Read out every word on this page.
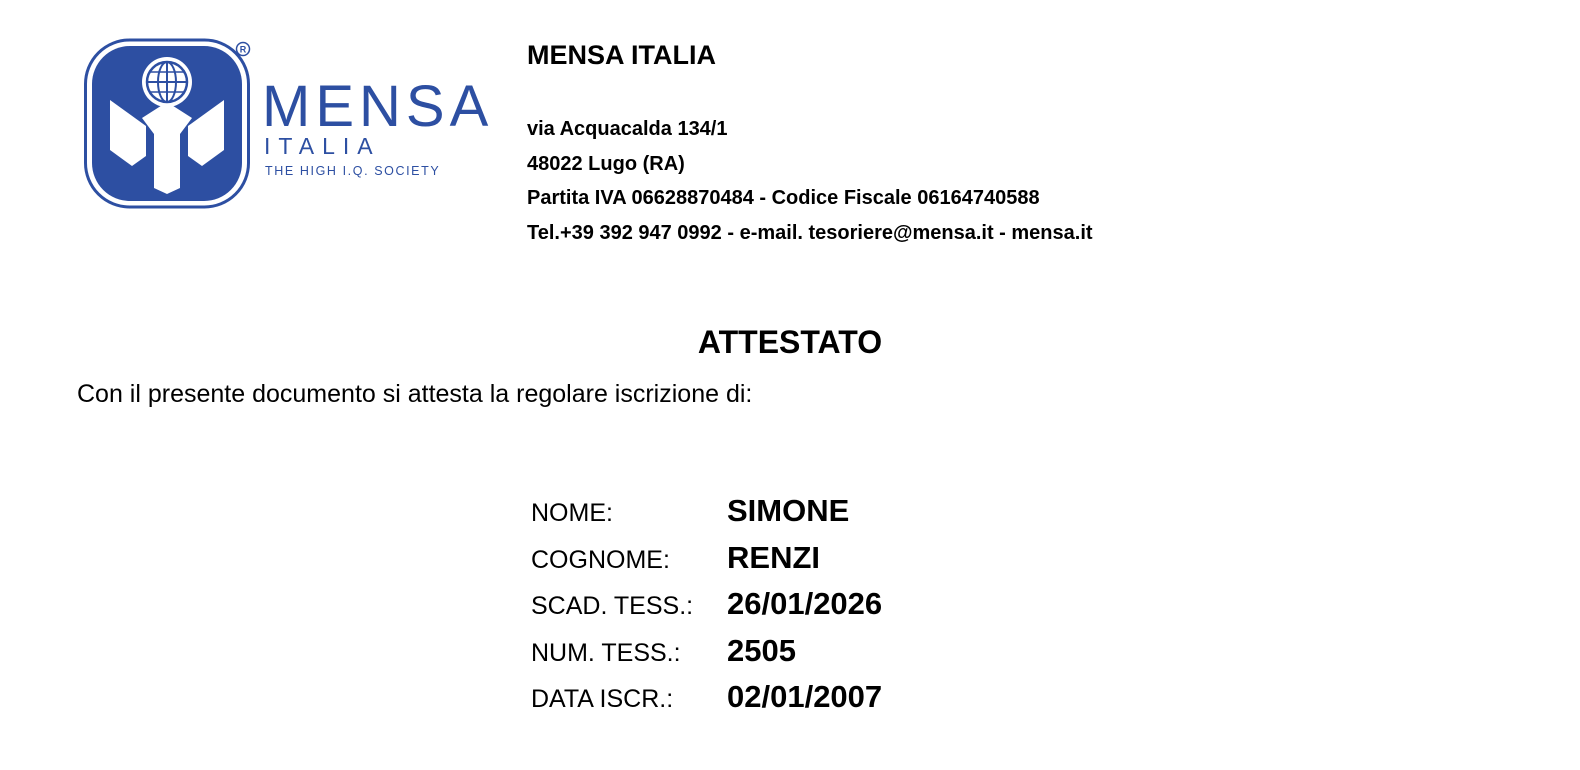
R
MENSA
ITALIA
THE HIGH I.Q. SOCIETY
MENSA ITALIA
via Acquacalda 134/1
48022 Lugo (RA)
Partita IVA 06628870484 - Codice Fiscale 06164740588
Tel.+39 392 947 0992 - e-mail. tesoriere@mensa.it - mensa.it
ATTESTATO
Con il presente documento si attesta la regolare iscrizione di:
NOME:	SIMONE
COGNOME:	RENZI
SCAD. TESS.:	26/01/2026
NUM. TESS.:	2505
DATA ISCR.:	02/01/2007
